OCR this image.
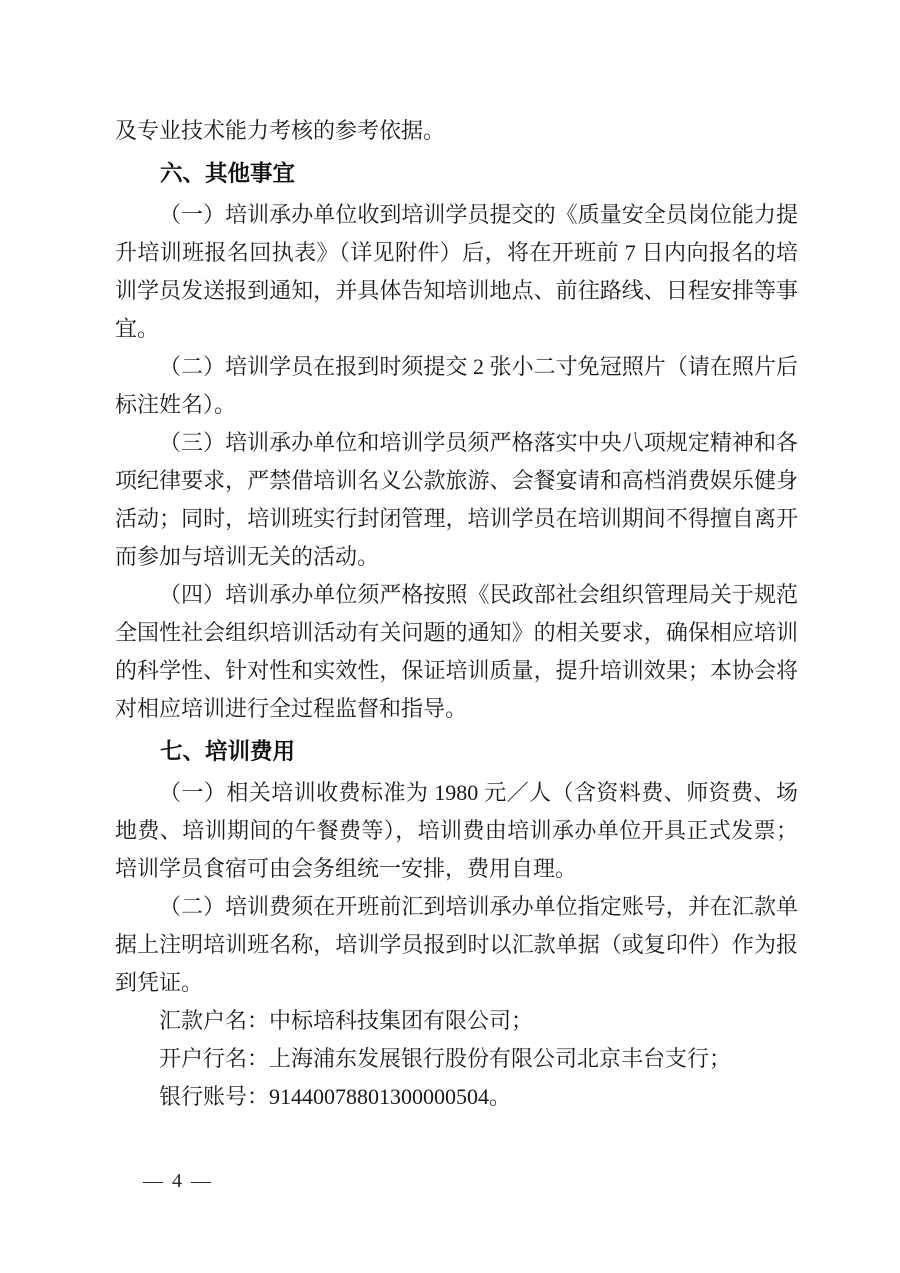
及专业技术能力考核的参考依据。

六、其他事宜

（一）培训承办单位收到培训学员提交的《质量安全员岗位能力提升培训班报名回执表》（详见附件）后，将在开班前 7 日内向报名的培训学员发送报到通知，并具体告知培训地点、前往路线、日程安排等事宜。

（二）培训学员在报到时须提交 2 张小二寸免冠照片（请在照片后标注姓名）。

（三）培训承办单位和培训学员须严格落实中央八项规定精神和各项纪律要求，严禁借培训名义公款旅游、会餐宴请和高档消费娱乐健身活动；同时，培训班实行封闭管理，培训学员在培训期间不得擅自离开而参加与培训无关的活动。

（四）培训承办单位须严格按照《民政部社会组织管理局关于规范全国性社会组织培训活动有关问题的通知》的相关要求，确保相应培训的科学性、针对性和实效性，保证培训质量，提升培训效果；本协会将对相应培训进行全过程监督和指导。

七、培训费用

（一）相关培训收费标准为 1980 元／人（含资料费、师资费、场地费、培训期间的午餐费等），培训费由培训承办单位开具正式发票；培训学员食宿可由会务组统一安排，费用自理。

（二）培训费须在开班前汇到培训承办单位指定账号，并在汇款单据上注明培训班名称，培训学员报到时以汇款单据（或复印件）作为报到凭证。

汇款户名：中标培科技集团有限公司；

开户行名：上海浦东发展银行股份有限公司北京丰台支行；

银行账号：91440078801300000504。

— 4 —
